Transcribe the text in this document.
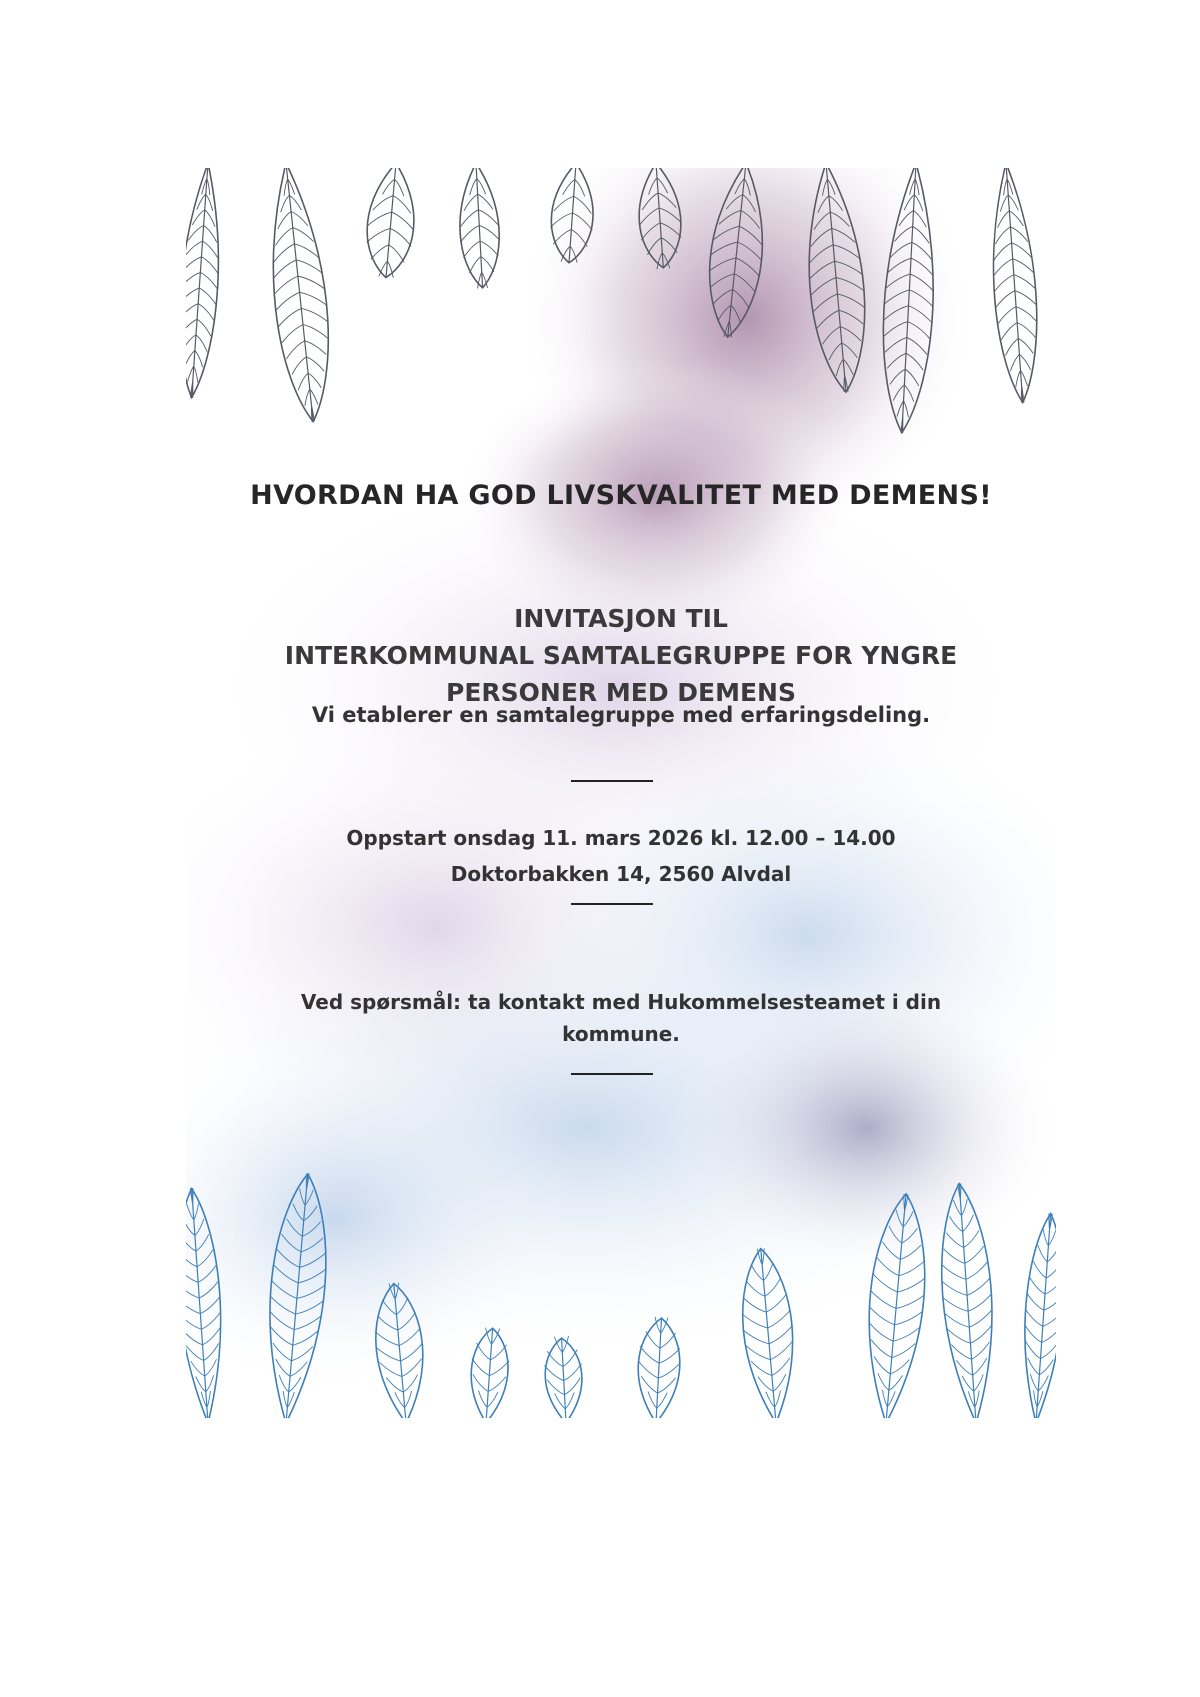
HVORDAN HA GOD LIVSKVALITET MED DEMENS!
INVITASJON TIL
INTERKOMMUNAL SAMTALEGRUPPE FOR YNGRE
PERSONER MED DEMENS
Vi etablerer en samtalegruppe med erfaringsdeling.
Oppstart onsdag 11. mars 2026 kl. 12.00 – 14.00
Doktorbakken 14, 2560 Alvdal
Ved spørsmål: ta kontakt med Hukommelsesteamet i din
kommune.
